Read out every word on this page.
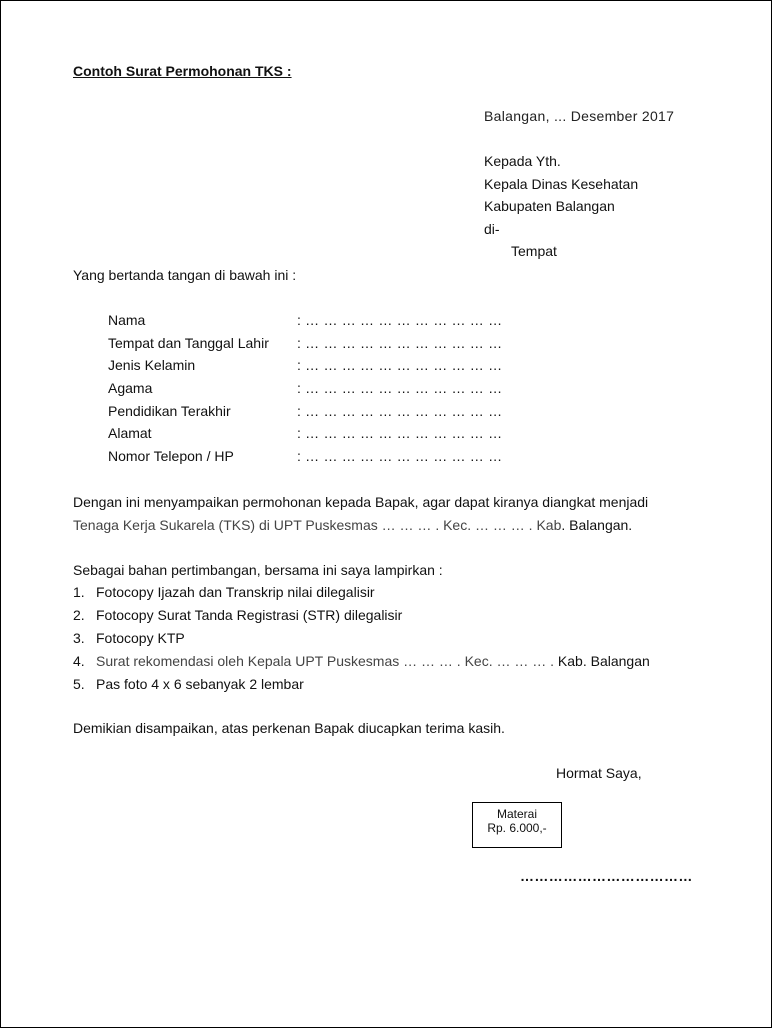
Contoh Surat Permohonan TKS :
Balangan, ... Desember 2017
Kepada Yth.
Kepala Dinas Kesehatan
Kabupaten Balangan
di-
Tempat
Yang bertanda tangan di bawah ini :
Nama	: … … … … … … … … … … …
Tempat dan Tanggal Lahir	: … … … … … … … … … … …
Jenis Kelamin	: … … … … … … … … … … …
Agama	: … … … … … … … … … … …
Pendidikan Terakhir	: … … … … … … … … … … …
Alamat	: … … … … … … … … … … …
Nomor Telepon / HP	: … … … … … … … … … … …
Dengan ini menyampaikan permohonan kepada Bapak, agar dapat kiranya diangkat menjadi
Tenaga Kerja Sukarela (TKS) di UPT Puskesmas … … … . Kec. … … … . Kab. Balangan.
Sebagai bahan pertimbangan, bersama ini saya lampirkan :
1. Fotocopy Ijazah dan Transkrip nilai dilegalisir
2. Fotocopy Surat Tanda Registrasi (STR) dilegalisir
3. Fotocopy KTP
4. Surat rekomendasi oleh Kepala UPT Puskesmas … … … . Kec. … … … . Kab. Balangan
5. Pas foto 4 x 6 sebanyak 2 lembar
Demikian disampaikan, atas perkenan Bapak diucapkan terima kasih.
Hormat Saya,
Materai
Rp. 6.000,-
………………………………
